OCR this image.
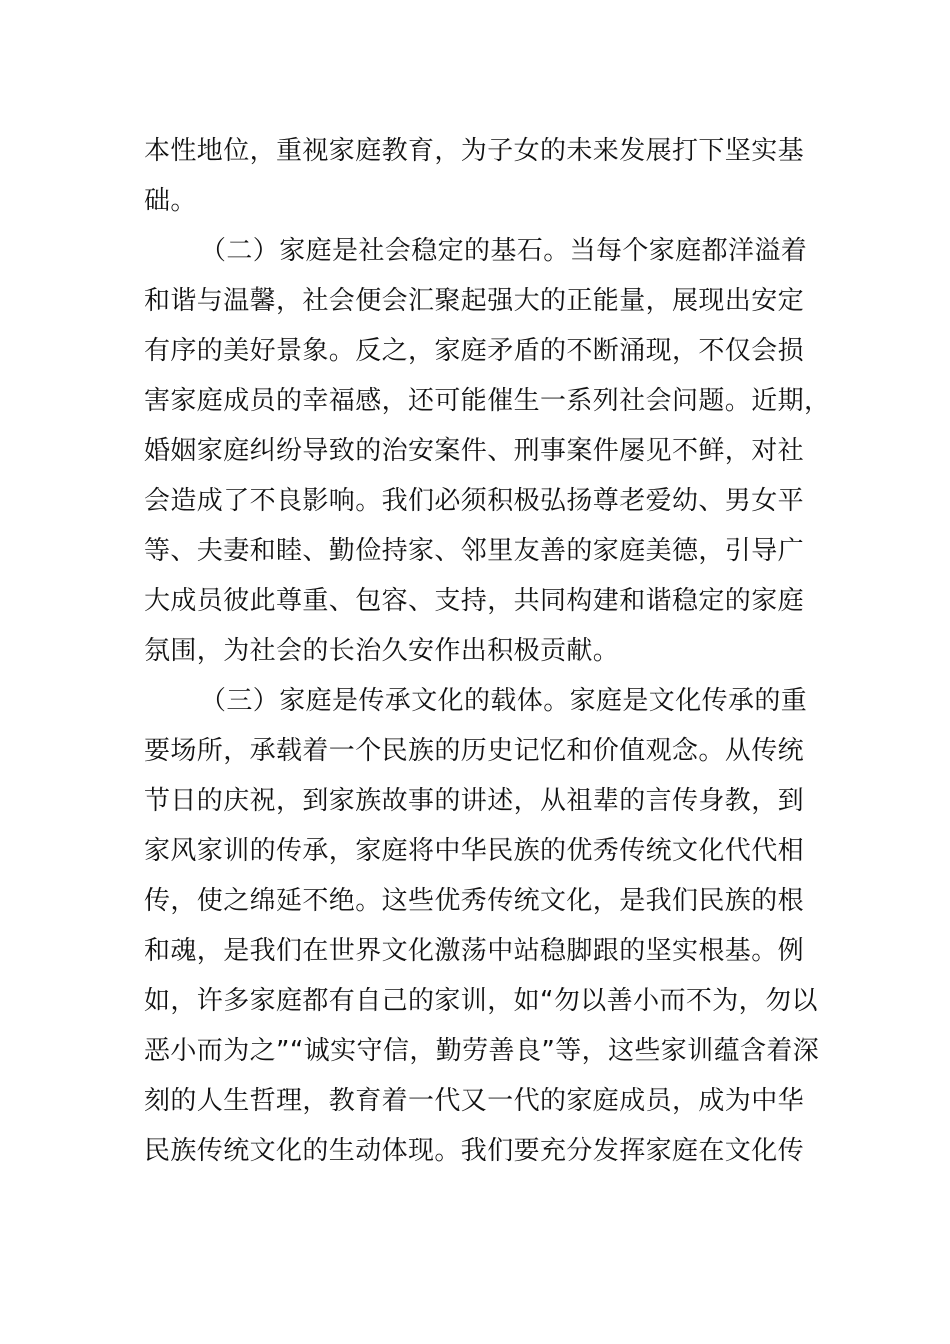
本性地位，重视家庭教育，为子女的未来发展打下坚实基
础。
（二）家庭是社会稳定的基石。当每个家庭都洋溢着
和谐与温馨，社会便会汇聚起强大的正能量，展现出安定
有序的美好景象。反之，家庭矛盾的不断涌现，不仅会损
害家庭成员的幸福感，还可能催生一系列社会问题。近期，
婚姻家庭纠纷导致的治安案件、刑事案件屡见不鲜，对社
会造成了不良影响。我们必须积极弘扬尊老爱幼、男女平
等、夫妻和睦、勤俭持家、邻里友善的家庭美德，引导广
大成员彼此尊重、包容、支持，共同构建和谐稳定的家庭
氛围，为社会的长治久安作出积极贡献。
（三）家庭是传承文化的载体。家庭是文化传承的重
要场所，承载着一个民族的历史记忆和价值观念。从传统
节日的庆祝，到家族故事的讲述，从祖辈的言传身教，到
家风家训的传承，家庭将中华民族的优秀传统文化代代相
传，使之绵延不绝。这些优秀传统文化，是我们民族的根
和魂，是我们在世界文化激荡中站稳脚跟的坚实根基。例
如，许多家庭都有自己的家训，如“勿以善小而不为，勿以
恶小而为之”“诚实守信，勤劳善良”等，这些家训蕴含着深
刻的人生哲理，教育着一代又一代的家庭成员，成为中华
民族传统文化的生动体现。我们要充分发挥家庭在文化传
